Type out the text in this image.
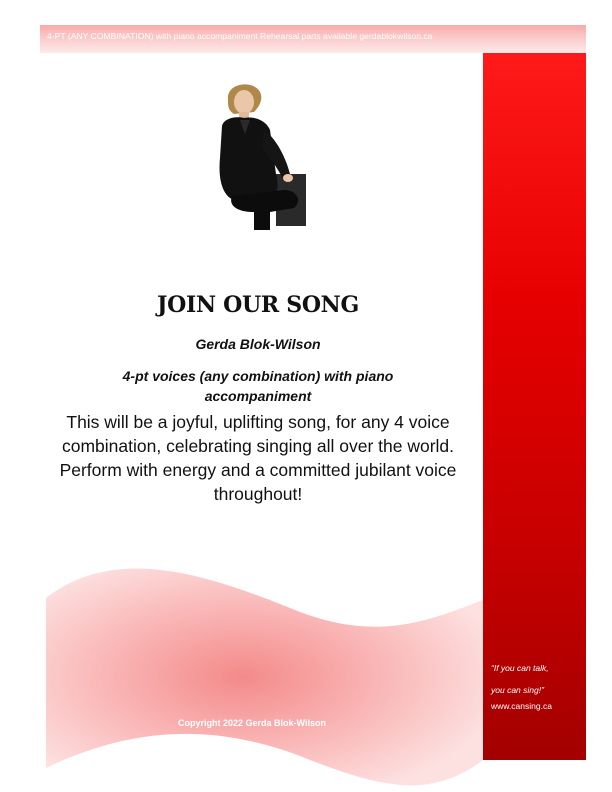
4-PT (ANY COMBINATION) with piano accompaniment Rehearsal parts available gerdablokwilson.ca
“If you can talk,
you can sing!”
www.cansing.ca
JOIN OUR SONG
Gerda Blok-Wilson
4-pt voices (any combination) with piano accompaniment
This will be a joyful, uplifting song, for any 4 voice combination, celebrating singing all over the world. Perform with energy and a committed jubilant voice throughout!
Copyright 2022 Gerda Blok-Wilson
